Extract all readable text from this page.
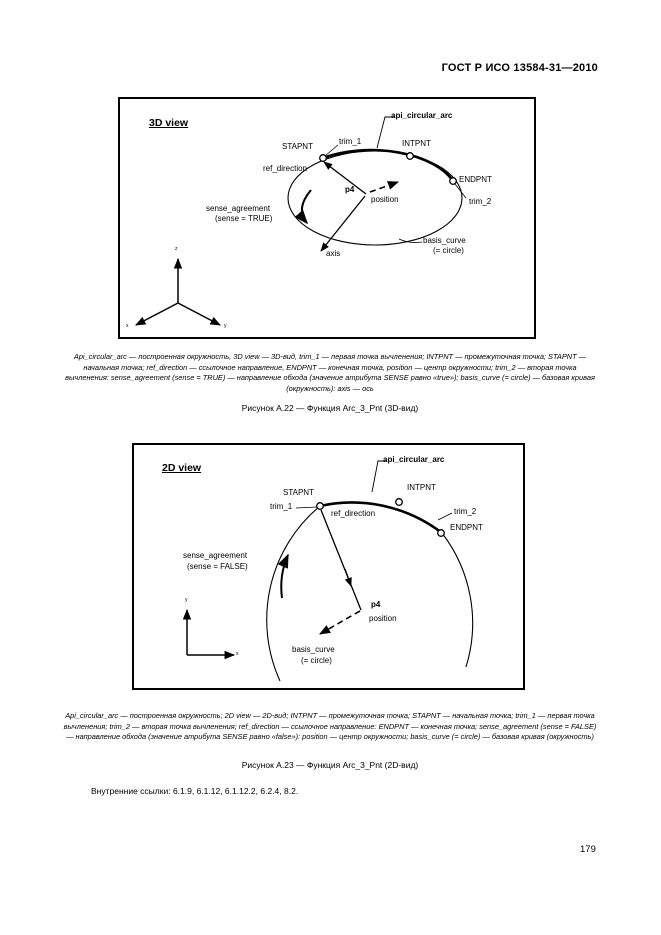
ГОСТ Р ИСО 13584-31—2010
3D view
api_circular_arc
STAPNT
trim_1	INTPNT
ref_direction
ENDPNT
p4
position	trim_2
sense_agreement
(sense = TRUE)
basis_curve
(= circle)
axis
z
x	y
Api_circular_arc — построенная окружность, 3D view — 3D-вид, trim_1 — первая точка вычленения; INTPNT — промежуточная точка; STAPNT — начальная точка; ref_direction — ссылочное направление, ENDPNT — конечная точка, position — центр окружности; trim_2 — вторая точка вычленения: sense_agreement (sense = TRUE) — направление обхода (значение атрибута SENSE равно «true»); basis_curve (= circle) — базовая кривая (окружность): axis — ось
Рисунок А.22 — Функция Arc_3_Pnt (3D-вид)
2D view
api_circular_arc
STAPNT
INTPNT
trim_1
ref_direction	trim_2
ENDPNT
sense_agreement
(sense = FALSE)
p4
position
basis_curve
(= circle)
y
x
Api_circular_arc — построенная окружность; 2D view — 2D-вид; INTPNT — промежуточная точка; STAPNT — начальная точка; trim_1 — первая точка вычленения; trim_2 — вторая точка вычленения; ref_direction — ссылочное направление: ENDPNT — конечная точка; sense_agreement (sense = FALSE) — направление обхода (значение атрибута SENSE равно «false»): position — центр окружности; basis_curve (= circle) — базовая кривая (окружность)
Рисунок А.23 — Функция Arc_3_Pnt (2D-вид)
Внутренние ссылки: 6.1.9, 6.1.12, 6.1.12.2, 6.2.4, 8.2.
179
